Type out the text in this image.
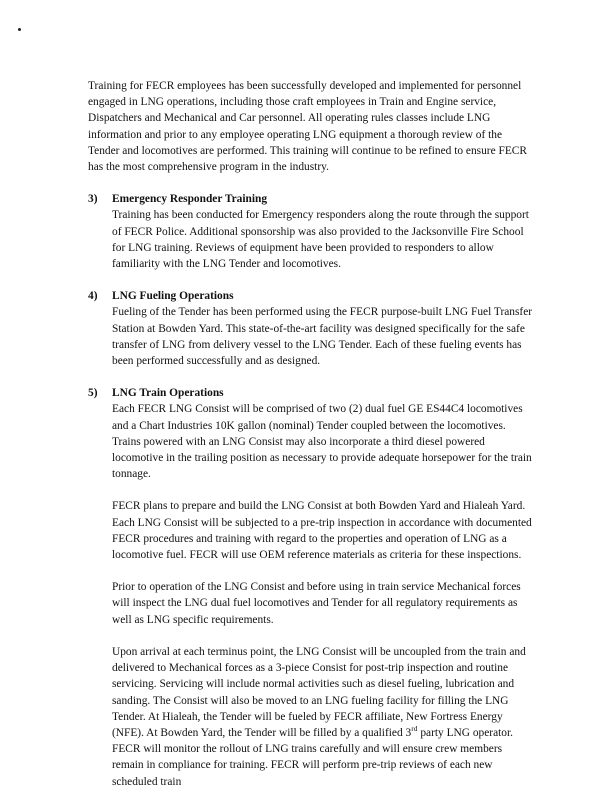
Training for FECR employees has been successfully developed and implemented for personnel engaged in LNG operations, including those craft employees in Train and Engine service, Dispatchers and Mechanical and Car personnel. All operating rules classes include LNG information and prior to any employee operating LNG equipment a thorough review of the Tender and locomotives are performed. This training will continue to be refined to ensure FECR has the most comprehensive program in the industry.

3)	Emergency Responder Training

Training has been conducted for Emergency responders along the route through the support of FECR Police. Additional sponsorship was also provided to the Jacksonville Fire School for LNG training. Reviews of equipment have been provided to responders to allow familiarity with the LNG Tender and locomotives.

4)	LNG Fueling Operations

Fueling of the Tender has been performed using the FECR purpose-built LNG Fuel Transfer Station at Bowden Yard. This state-of-the-art facility was designed specifically for the safe transfer of LNG from delivery vessel to the LNG Tender. Each of these fueling events has been performed successfully and as designed.

5)	LNG Train Operations

Each FECR LNG Consist will be comprised of two (2) dual fuel GE ES44C4 locomotives and a Chart Industries 10K gallon (nominal) Tender coupled between the locomotives. Trains powered with an LNG Consist may also incorporate a third diesel powered locomotive in the trailing position as necessary to provide adequate horsepower for the train tonnage.

FECR plans to prepare and build the LNG Consist at both Bowden Yard and Hialeah Yard. Each LNG Consist will be subjected to a pre-trip inspection in accordance with documented FECR procedures and training with regard to the properties and operation of LNG as a locomotive fuel. FECR will use OEM reference materials as criteria for these inspections.

Prior to operation of the LNG Consist and before using in train service Mechanical forces will inspect the LNG dual fuel locomotives and Tender for all regulatory requirements as well as LNG specific requirements.

Upon arrival at each terminus point, the LNG Consist will be uncoupled from the train and delivered to Mechanical forces as a 3-piece Consist for post-trip inspection and routine servicing. Servicing will include normal activities such as diesel fueling, lubrication and sanding. The Consist will also be moved to an LNG fueling facility for filling the LNG Tender. At Hialeah, the Tender will be fueled by FECR affiliate, New Fortress Energy (NFE). At Bowden Yard, the Tender will be filled by a qualified 3rd party LNG operator. FECR will monitor the rollout of LNG trains carefully and will ensure crew members remain in compliance for training. FECR will perform pre-trip reviews of each new scheduled train
